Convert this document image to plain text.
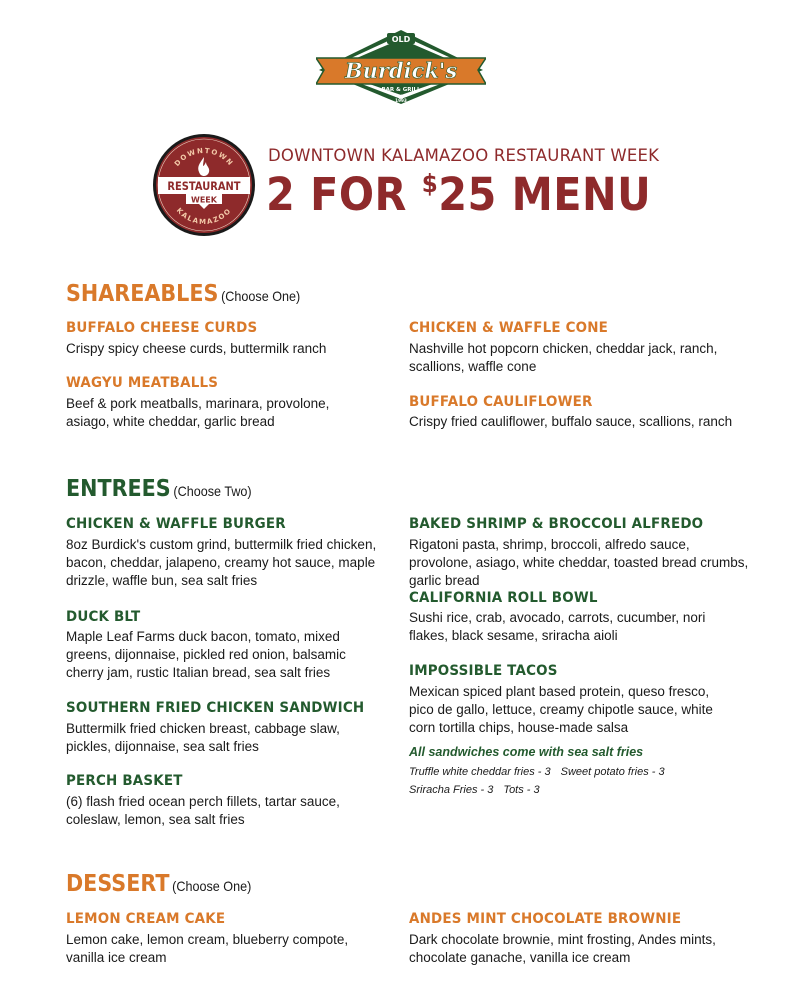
OLD
Burdick's
BAR & GRILL
SINCE
1993
DOWNTOWN
KALAMAZOO
RESTAURANT
WEEK
DOWNTOWN KALAMAZOO RESTAURANT WEEK
2 FOR $25 MENU
SHAREABLES (Choose One)
BUFFALO CHEESE CURDS
Crispy spicy cheese curds, buttermilk ranch
WAGYU MEATBALLS
Beef & pork meatballs, marinara, provolone, asiago, white cheddar, garlic bread
CHICKEN & WAFFLE CONE
Nashville hot popcorn chicken, cheddar jack, ranch, scallions, waffle cone
BUFFALO CAULIFLOWER
Crispy fried cauliflower, buffalo sauce, scallions, ranch
ENTREES (Choose Two)
CHICKEN & WAFFLE BURGER
8oz Burdick's custom grind, buttermilk fried chicken, bacon, cheddar, jalapeno, creamy hot sauce, maple drizzle, waffle bun, sea salt fries
DUCK BLT
Maple Leaf Farms duck bacon, tomato, mixed greens, dijonnaise, pickled red onion, balsamic cherry jam, rustic Italian bread, sea salt fries
SOUTHERN FRIED CHICKEN SANDWICH
Buttermilk fried chicken breast, cabbage slaw, pickles, dijonnaise, sea salt fries
PERCH BASKET
(6) flash fried ocean perch fillets, tartar sauce, coleslaw, lemon, sea salt fries
BAKED SHRIMP & BROCCOLI ALFREDO
Rigatoni pasta, shrimp, broccoli, alfredo sauce, provolone, asiago, white cheddar, toasted bread crumbs, garlic bread
CALIFORNIA ROLL BOWL
Sushi rice, crab, avocado, carrots, cucumber, nori flakes, black sesame, sriracha aioli
IMPOSSIBLE TACOS
Mexican spiced plant based protein, queso fresco, pico de gallo, lettuce, creamy chipotle sauce, white corn tortilla chips, house-made salsa
All sandwiches come with sea salt fries
Truffle white cheddar fries - 3 Sweet potato fries - 3
Sriracha Fries - 3 Tots - 3
DESSERT (Choose One)
LEMON CREAM CAKE
Lemon cake, lemon cream, blueberry compote, vanilla ice cream
ANDES MINT CHOCOLATE BROWNIE
Dark chocolate brownie, mint frosting, Andes mints, chocolate ganache, vanilla ice cream
